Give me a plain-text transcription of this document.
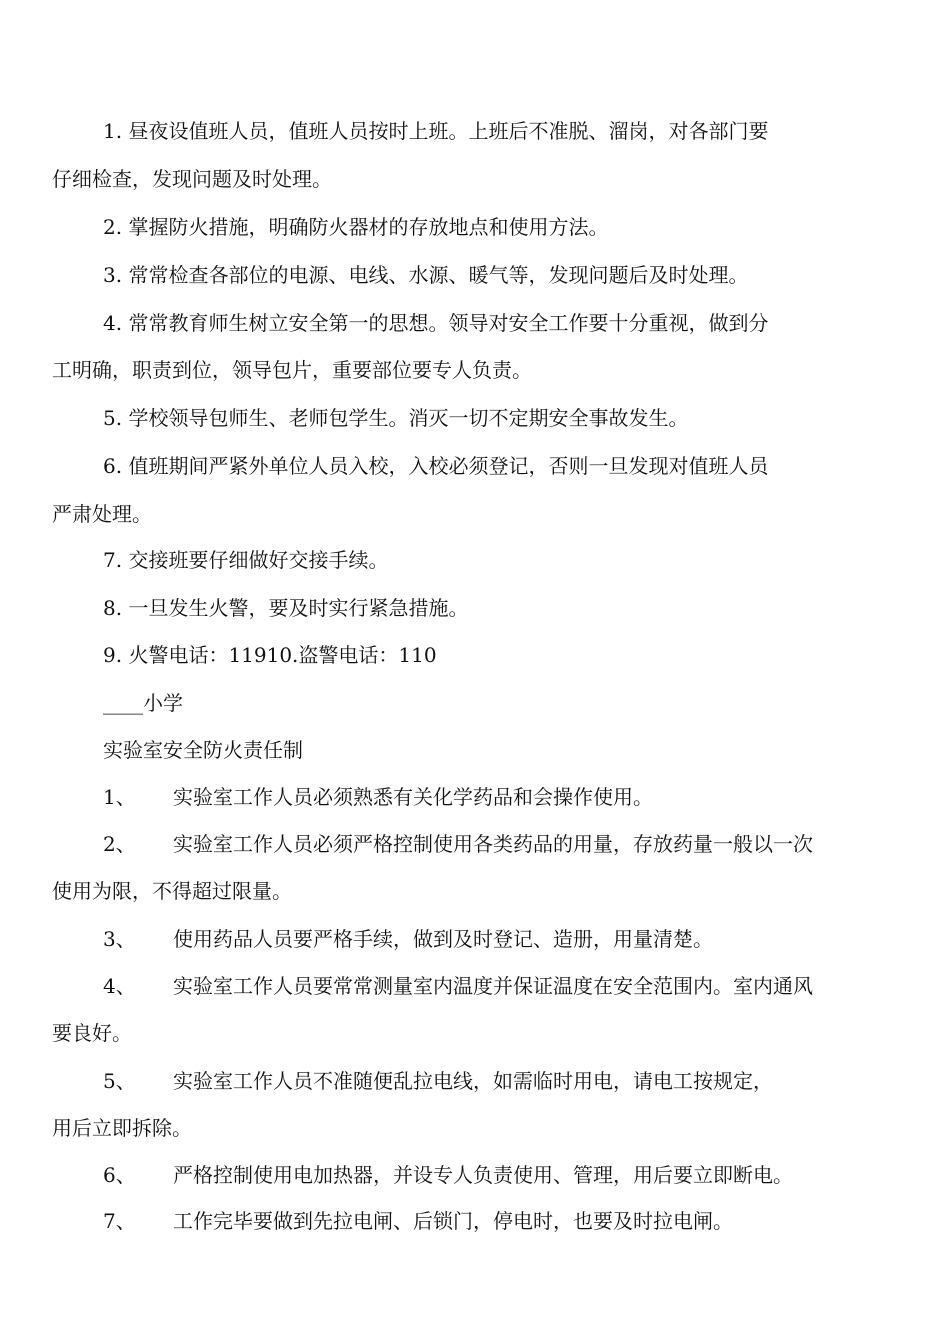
1. 昼夜设值班人员，值班人员按时上班。上班后不准脱、溜岗，对各部门要
仔细检查，发现问题及时处理。
2. 掌握防火措施，明确防火器材的存放地点和使用方法。
3. 常常检查各部位的电源、电线、水源、暖气等，发现问题后及时处理。
4. 常常教育师生树立安全第一的思想。领导对安全工作要十分重视，做到分
工明确，职责到位，领导包片，重要部位要专人负责。
5. 学校领导包师生、老师包学生。消灭一切不定期安全事故发生。
6. 值班期间严紧外单位人员入校，入校必须登记，否则一旦发现对值班人员
严肃处理。
7. 交接班要仔细做好交接手续。
8. 一旦发生火警，要及时实行紧急措施。
9. 火警电话：11910.盗警电话：110
____小学
实验室安全防火责任制
1、 实验室工作人员必须熟悉有关化学药品和会操作使用。
2、 实验室工作人员必须严格控制使用各类药品的用量，存放药量一般以一次
使用为限，不得超过限量。
3、 使用药品人员要严格手续，做到及时登记、造册，用量清楚。
4、 实验室工作人员要常常测量室内温度并保证温度在安全范围内。室内通风
要良好。
5、 实验室工作人员不准随便乱拉电线，如需临时用电，请电工按规定，
用后立即拆除。
6、 严格控制使用电加热器，并设专人负责使用、管理，用后要立即断电。
7、 工作完毕要做到先拉电闸、后锁门，停电时，也要及时拉电闸。
